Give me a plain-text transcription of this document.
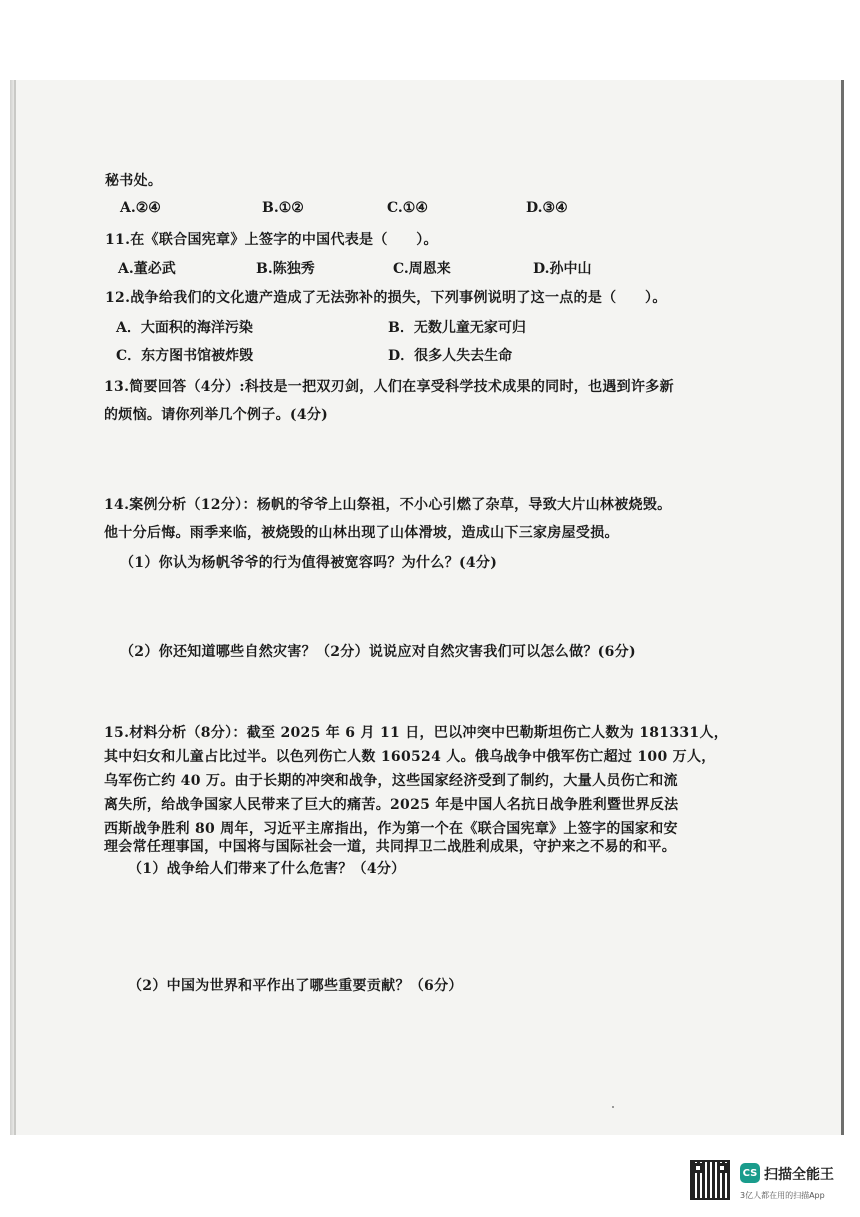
秘书处。
A.②④	B.①②	C.①④	D.③④
11.在《联合国宪章》上签字的中国代表是（　　）。
A.董必武	B.陈独秀	C.周恩来	D.孙中山
12.战争给我们的文化遗产造成了无法弥补的损失，下列事例说明了这一点的是（　　）。
A．大面积的海洋污染	B．无数儿童无家可归
C．东方图书馆被炸毁	D．很多人失去生命
13.简要回答（4分）:科技是一把双刃剑，人们在享受科学技术成果的同时，也遇到许多新
的烦恼。请你列举几个例子。(4分)
14.案例分析（12分）：杨帆的爷爷上山祭祖，不小心引燃了杂草，导致大片山林被烧毁。
他十分后悔。雨季来临，被烧毁的山林出现了山体滑坡，造成山下三家房屋受损。
（1）你认为杨帆爷爷的行为值得被宽容吗？为什么？(4分)
（2）你还知道哪些自然灾害？（2分）说说应对自然灾害我们可以怎么做？(6分)
15.材料分析（8分）：截至 2025 年 6 月 11 日，巴以冲突中巴勒斯坦伤亡人数为 181331人，
其中妇女和儿童占比过半。以色列伤亡人数 160524 人。俄乌战争中俄军伤亡超过 100 万人，
乌军伤亡约 40 万。由于长期的冲突和战争，这些国家经济受到了制约，大量人员伤亡和流
离失所，给战争国家人民带来了巨大的痛苦。2025 年是中国人名抗日战争胜利暨世界反法
西斯战争胜利 80 周年，习近平主席指出，作为第一个在《联合国宪章》上签字的国家和安
理会常任理事国，中国将与国际社会一道，共同捍卫二战胜利成果，守护来之不易的和平。
（1）战争给人们带来了什么危害？（4分）
（2）中国为世界和平作出了哪些重要贡献？（6分）
CS 扫描全能王
3亿人都在用的扫描App
